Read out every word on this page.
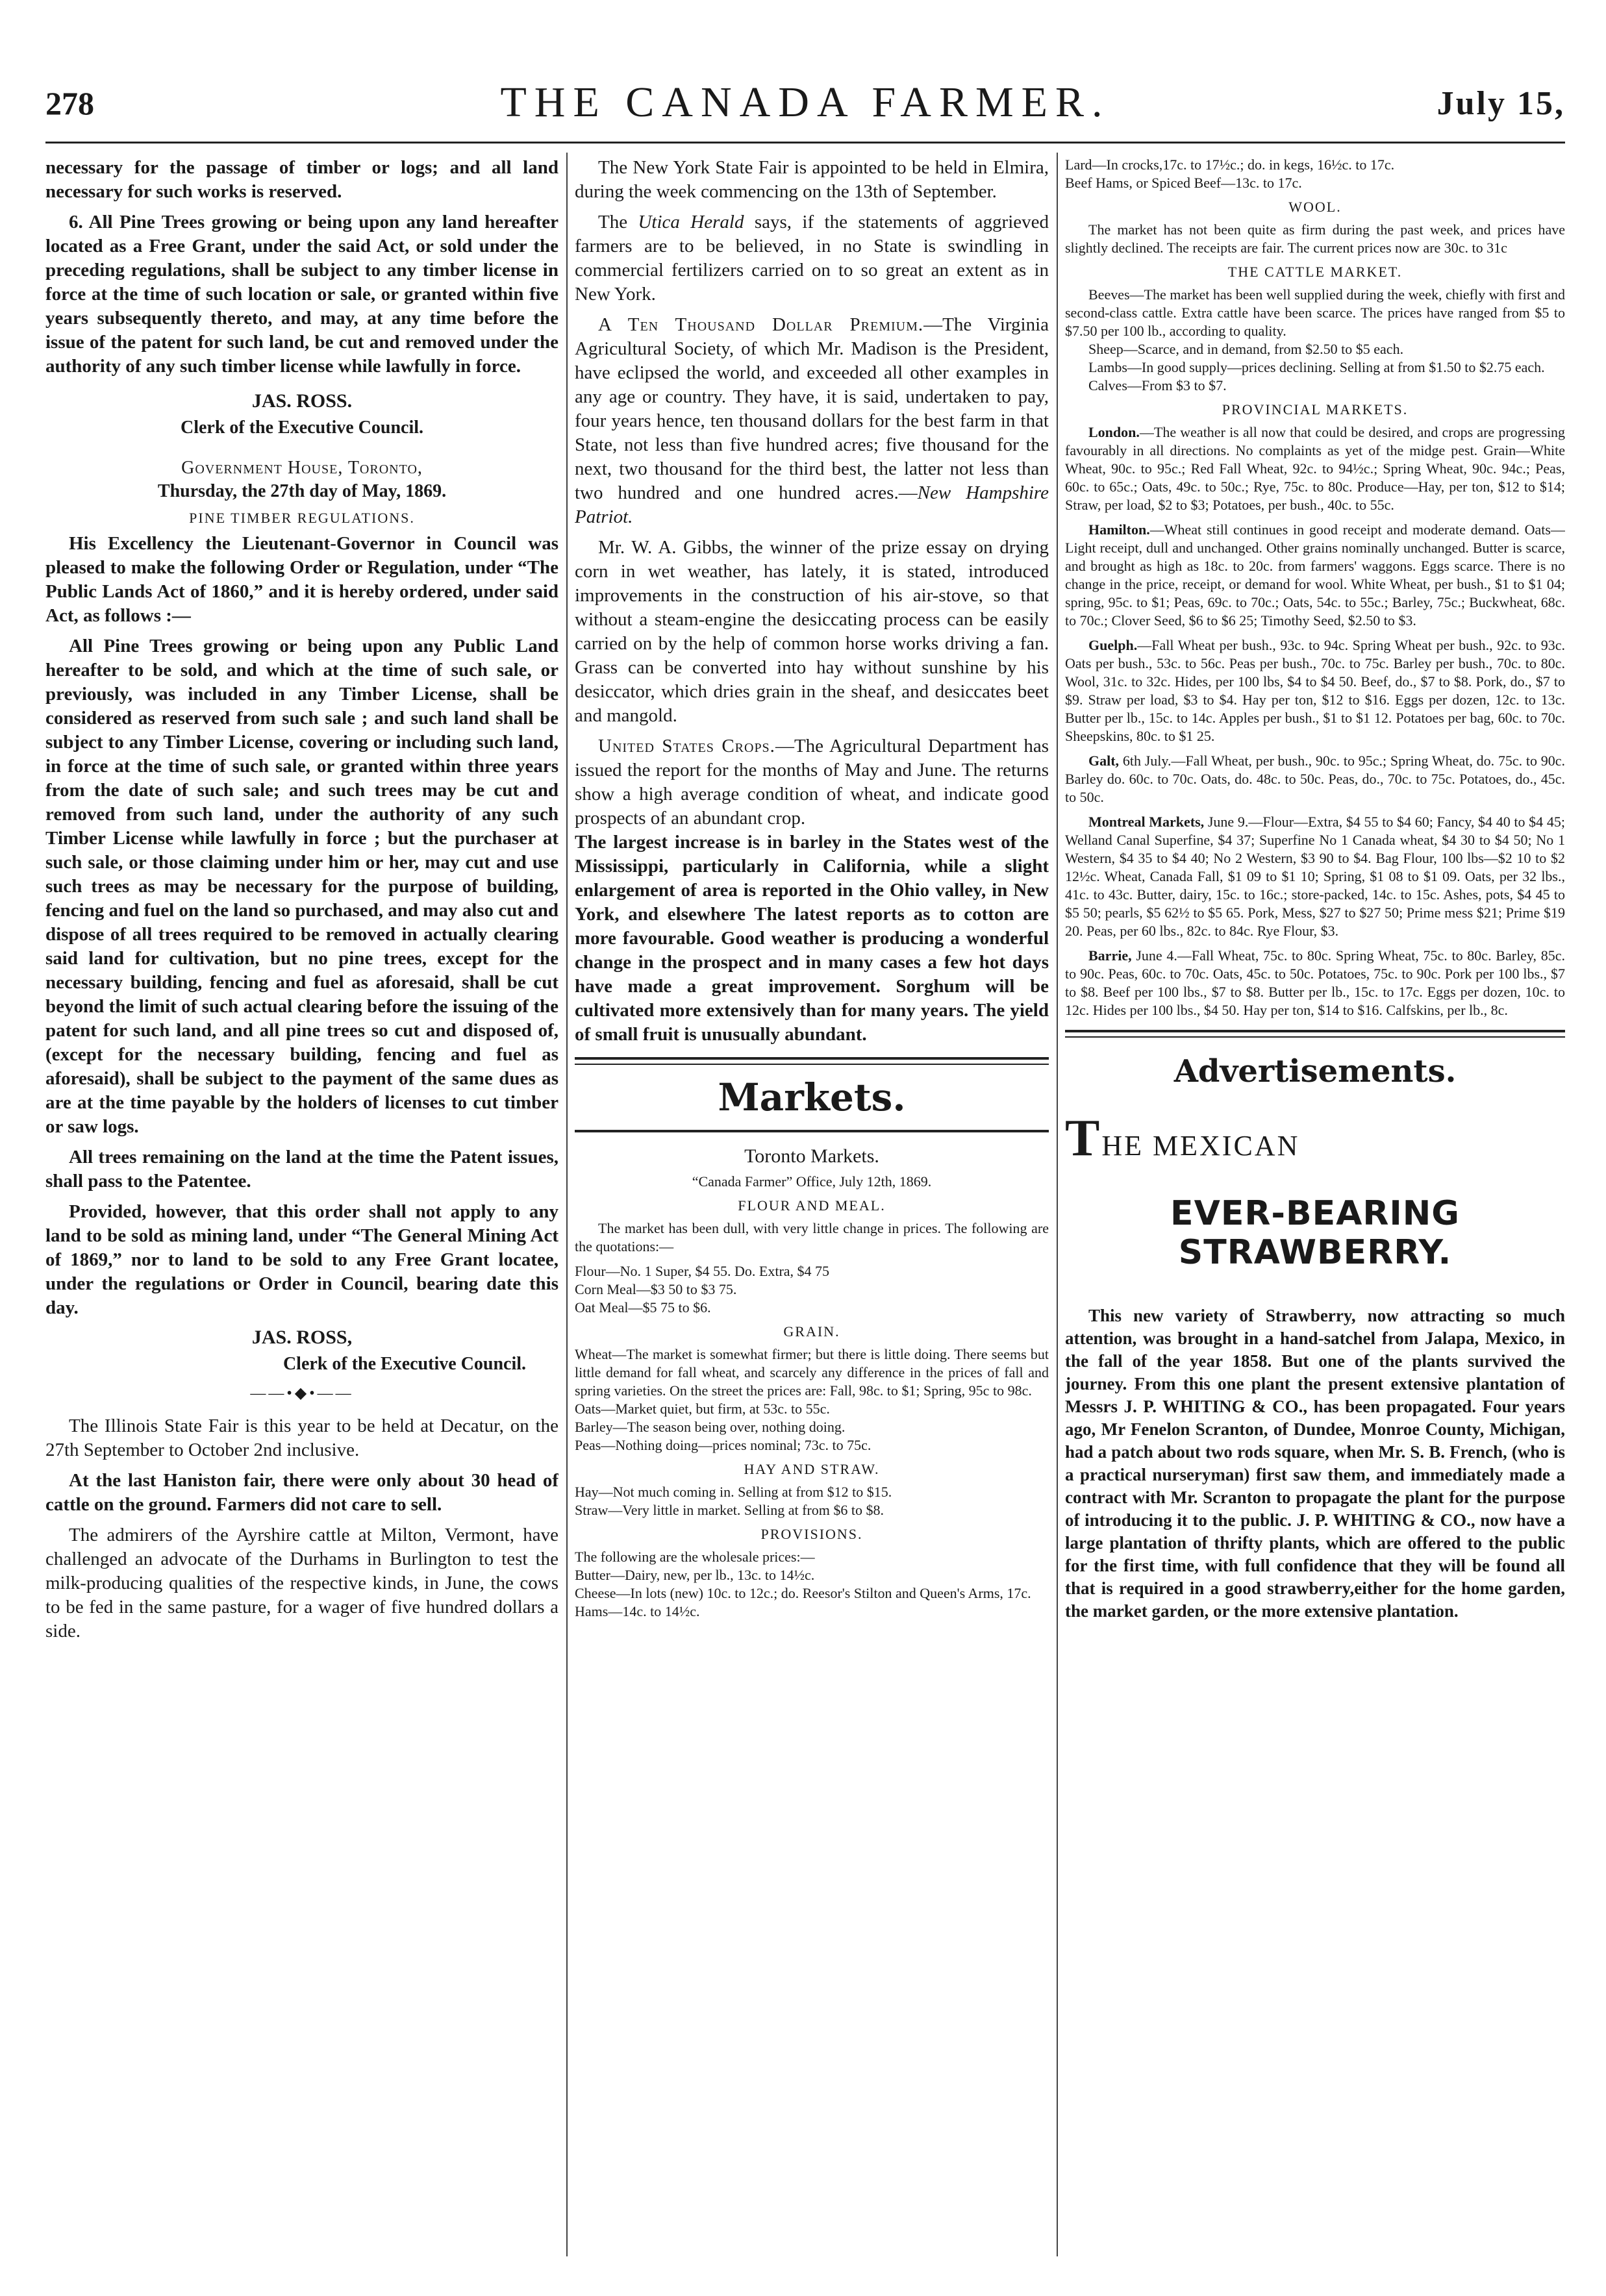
278	THE CANADA FARMER.	July 15,

necessary for the passage of timber or logs; and all land necessary for such works is reserved.

6. All Pine Trees growing or being upon any land hereafter located as a Free Grant, under the said Act, or sold under the preceding regulations, shall be subject to any timber license in force at the time of such location or sale, or granted within five years subsequently thereto, and may, at any time before the issue of the patent for such land, be cut and removed under the authority of any such timber license while lawfully in force.

JAS. ROSS.

Clerk of the Executive Council.

Government House, Toronto,

Thursday, the 27th day of May, 1869.

PINE TIMBER REGULATIONS.

His Excellency the Lieutenant-Governor in Council was pleased to make the following Order or Regulation, under “The Public Lands Act of 1860,” and it is hereby ordered, under said Act, as follows :—

All Pine Trees growing or being upon any Public Land hereafter to be sold, and which at the time of such sale, or previously, was included in any Timber License, shall be considered as reserved from such sale ; and such land shall be subject to any Timber License, covering or including such land, in force at the time of such sale, or granted within three years from the date of such sale; and such trees may be cut and removed from such land, under the authority of any such Timber License while lawfully in force ; but the purchaser at such sale, or those claiming under him or her, may cut and use such trees as may be necessary for the purpose of building, fencing and fuel on the land so purchased, and may also cut and dispose of all trees required to be removed in actually clearing said land for cultivation, but no pine trees, except for the necessary building, fencing and fuel as aforesaid, shall be cut beyond the limit of such actual clearing before the issuing of the patent for such land, and all pine trees so cut and disposed of, (except for the necessary building, fencing and fuel as aforesaid), shall be subject to the payment of the same dues as are at the time payable by the holders of licenses to cut timber or saw logs.

All trees remaining on the land at the time the Patent issues, shall pass to the Patentee.

Provided, however, that this order shall not apply to any land to be sold as mining land, under “The General Mining Act of 1869,” nor to land to be sold to any Free Grant locatee, under the regulations or Order in Council, bearing date this day.

JAS. ROSS,

Clerk of the Executive Council.

——•◆•——

The Illinois State Fair is this year to be held at Decatur, on the 27th September to October 2nd inclusive.

At the last Haniston fair, there were only about 30 head of cattle on the ground. Farmers did not care to sell.

The admirers of the Ayrshire cattle at Milton, Vermont, have challenged an advocate of the Durhams in Burlington to test the milk-producing qualities of the respective kinds, in June, the cows to be fed in the same pasture, for a wager of five hundred dollars a side.

The New York State Fair is appointed to be held in Elmira, during the week commencing on the 13th of September.

The Utica Herald says, if the statements of aggrieved farmers are to be believed, in no State is swindling in commercial fertilizers carried on to so great an extent as in New York.

A Ten Thousand Dollar Premium.—The Virginia Agricultural Society, of which Mr. Madison is the President, have eclipsed the world, and exceeded all other examples in any age or country. They have, it is said, undertaken to pay, four years hence, ten thousand dollars for the best farm in that State, not less than five hundred acres; five thousand for the next, two thousand for the third best, the latter not less than two hundred and one hundred acres.—New Hampshire Patriot.

Mr. W. A. Gibbs, the winner of the prize essay on drying corn in wet weather, has lately, it is stated, introduced improvements in the construction of his air-stove, so that without a steam-engine the desiccating process can be easily carried on by the help of common horse works driving a fan. Grass can be converted into hay without sunshine by his desiccator, which dries grain in the sheaf, and desiccates beet and mangold.

United States Crops.—The Agricultural Department has issued the report for the months of May and June. The returns show a high average condition of wheat, and indicate good prospects of an abundant crop.

The largest increase is in barley in the States west of the Mississippi, particularly in California, while a slight enlargement of area is reported in the Ohio valley, in New York, and elsewhere The latest reports as to cotton are more favourable. Good weather is producing a wonderful change in the prospect and in many cases a few hot days have made a great improvement. Sorghum will be cultivated more extensively than for many years. The yield of small fruit is unusually abundant.

Markets.
Toronto Markets.

“Canada Farmer” Office, July 12th, 1869.

FLOUR AND MEAL.

The market has been dull, with very little change in prices. The following are the quotations:—

Flour—No. 1 Super, $4 55. Do. Extra, $4 75

Corn Meal—$3 50 to $3 75.

Oat Meal—$5 75 to $6.

GRAIN.

Wheat—The market is somewhat firmer; but there is little doing. There seems but little demand for fall wheat, and scarcely any difference in the prices of fall and spring varieties. On the street the prices are: Fall, 98c. to $1; Spring, 95c to 98c.

Oats—Market quiet, but firm, at 53c. to 55c.

Barley—The season being over, nothing doing.

Peas—Nothing doing—prices nominal; 73c. to 75c.

HAY AND STRAW.

Hay—Not much coming in. Selling at from $12 to $15.

Straw—Very little in market. Selling at from $6 to $8.

PROVISIONS.

The following are the wholesale prices:—

Butter—Dairy, new, per lb., 13c. to 14½c.

Cheese—In lots (new) 10c. to 12c.; do. Reesor's Stilton and Queen's Arms, 17c.

Hams—14c. to 14½c.

Lard—In crocks,17c. to 17½c.; do. in kegs, 16½c. to 17c.

Beef Hams, or Spiced Beef—13c. to 17c.

WOOL.

The market has not been quite as firm during the past week, and prices have slightly declined. The receipts are fair. The current prices now are 30c. to 31c

THE CATTLE MARKET.

Beeves—The market has been well supplied during the week, chiefly with first and second-class cattle. Extra cattle have been scarce. The prices have ranged from $5 to $7.50 per 100 lb., according to quality.

Sheep—Scarce, and in demand, from $2.50 to $5 each.

Lambs—In good supply—prices declining. Selling at from $1.50 to $2.75 each.

Calves—From $3 to $7.

PROVINCIAL MARKETS.

London.—The weather is all now that could be desired, and crops are progressing favourably in all directions. No complaints as yet of the midge pest. Grain—White Wheat, 90c. to 95c.; Red Fall Wheat, 92c. to 94½c.; Spring Wheat, 90c. 94c.; Peas, 60c. to 65c.; Oats, 49c. to 50c.; Rye, 75c. to 80c. Produce—Hay, per ton, $12 to $14; Straw, per load, $2 to $3; Potatoes, per bush., 40c. to 55c.

Hamilton.—Wheat still continues in good receipt and moderate demand. Oats—Light receipt, dull and unchanged. Other grains nominally unchanged. Butter is scarce, and brought as high as 18c. to 20c. from farmers' waggons. Eggs scarce. There is no change in the price, receipt, or demand for wool. White Wheat, per bush., $1 to $1 04; spring, 95c. to $1; Peas, 69c. to 70c.; Oats, 54c. to 55c.; Barley, 75c.; Buckwheat, 68c. to 70c.; Clover Seed, $6 to $6 25; Timothy Seed, $2.50 to $3.

Guelph.—Fall Wheat per bush., 93c. to 94c. Spring Wheat per bush., 92c. to 93c. Oats per bush., 53c. to 56c. Peas per bush., 70c. to 75c. Barley per bush., 70c. to 80c. Wool, 31c. to 32c. Hides, per 100 lbs, $4 to $4 50. Beef, do., $7 to $8. Pork, do., $7 to $9. Straw per load, $3 to $4. Hay per ton, $12 to $16. Eggs per dozen, 12c. to 13c. Butter per lb., 15c. to 14c. Apples per bush., $1 to $1 12. Potatoes per bag, 60c. to 70c. Sheepskins, 80c. to $1 25.

Galt, 6th July.—Fall Wheat, per bush., 90c. to 95c.; Spring Wheat, do. 75c. to 90c. Barley do. 60c. to 70c. Oats, do. 48c. to 50c. Peas, do., 70c. to 75c. Potatoes, do., 45c. to 50c.

Montreal Markets, June 9.—Flour—Extra, $4 55 to $4 60; Fancy, $4 40 to $4 45; Welland Canal Superfine, $4 37; Superfine No 1 Canada wheat, $4 30 to $4 50; No 1 Western, $4 35 to $4 40; No 2 Western, $3 90 to $4. Bag Flour, 100 lbs—$2 10 to $2 12½c. Wheat, Canada Fall, $1 09 to $1 10; Spring, $1 08 to $1 09. Oats, per 32 lbs., 41c. to 43c. Butter, dairy, 15c. to 16c.; store-packed, 14c. to 15c. Ashes, pots, $4 45 to $5 50; pearls, $5 62½ to $5 65. Pork, Mess, $27 to $27 50; Prime mess $21; Prime $19 20. Peas, per 60 lbs., 82c. to 84c. Rye Flour, $3.

Barrie, June 4.—Fall Wheat, 75c. to 80c. Spring Wheat, 75c. to 80c. Barley, 85c. to 90c. Peas, 60c. to 70c. Oats, 45c. to 50c. Potatoes, 75c. to 90c. Pork per 100 lbs., $7 to $8. Beef per 100 lbs., $7 to $8. Butter per lb., 15c. to 17c. Eggs per dozen, 10c. to 12c. Hides per 100 lbs., $4 50. Hay per ton, $14 to $16. Calfskins, per lb., 8c.

Advertisements.
THE MEXICAN
EVER-BEARING STRAWBERRY.

This new variety of Strawberry, now attracting so much attention, was brought in a hand-satchel from Jalapa, Mexico, in the fall of the year 1858. But one of the plants survived the journey. From this one plant the present extensive plantation of Messrs J. P. WHITING & CO., has been propagated. Four years ago, Mr Fenelon Scranton, of Dundee, Monroe County, Michigan, had a patch about two rods square, when Mr. S. B. French, (who is a practical nurseryman) first saw them, and immediately made a contract with Mr. Scranton to propagate the plant for the purpose of introducing it to the public. J. P. WHITING & CO., now have a large plantation of thrifty plants, which are offered to the public for the first time, with full confidence that they will be found all that is required in a good strawberry,either for the home garden, the market garden, or the more extensive plantation.
